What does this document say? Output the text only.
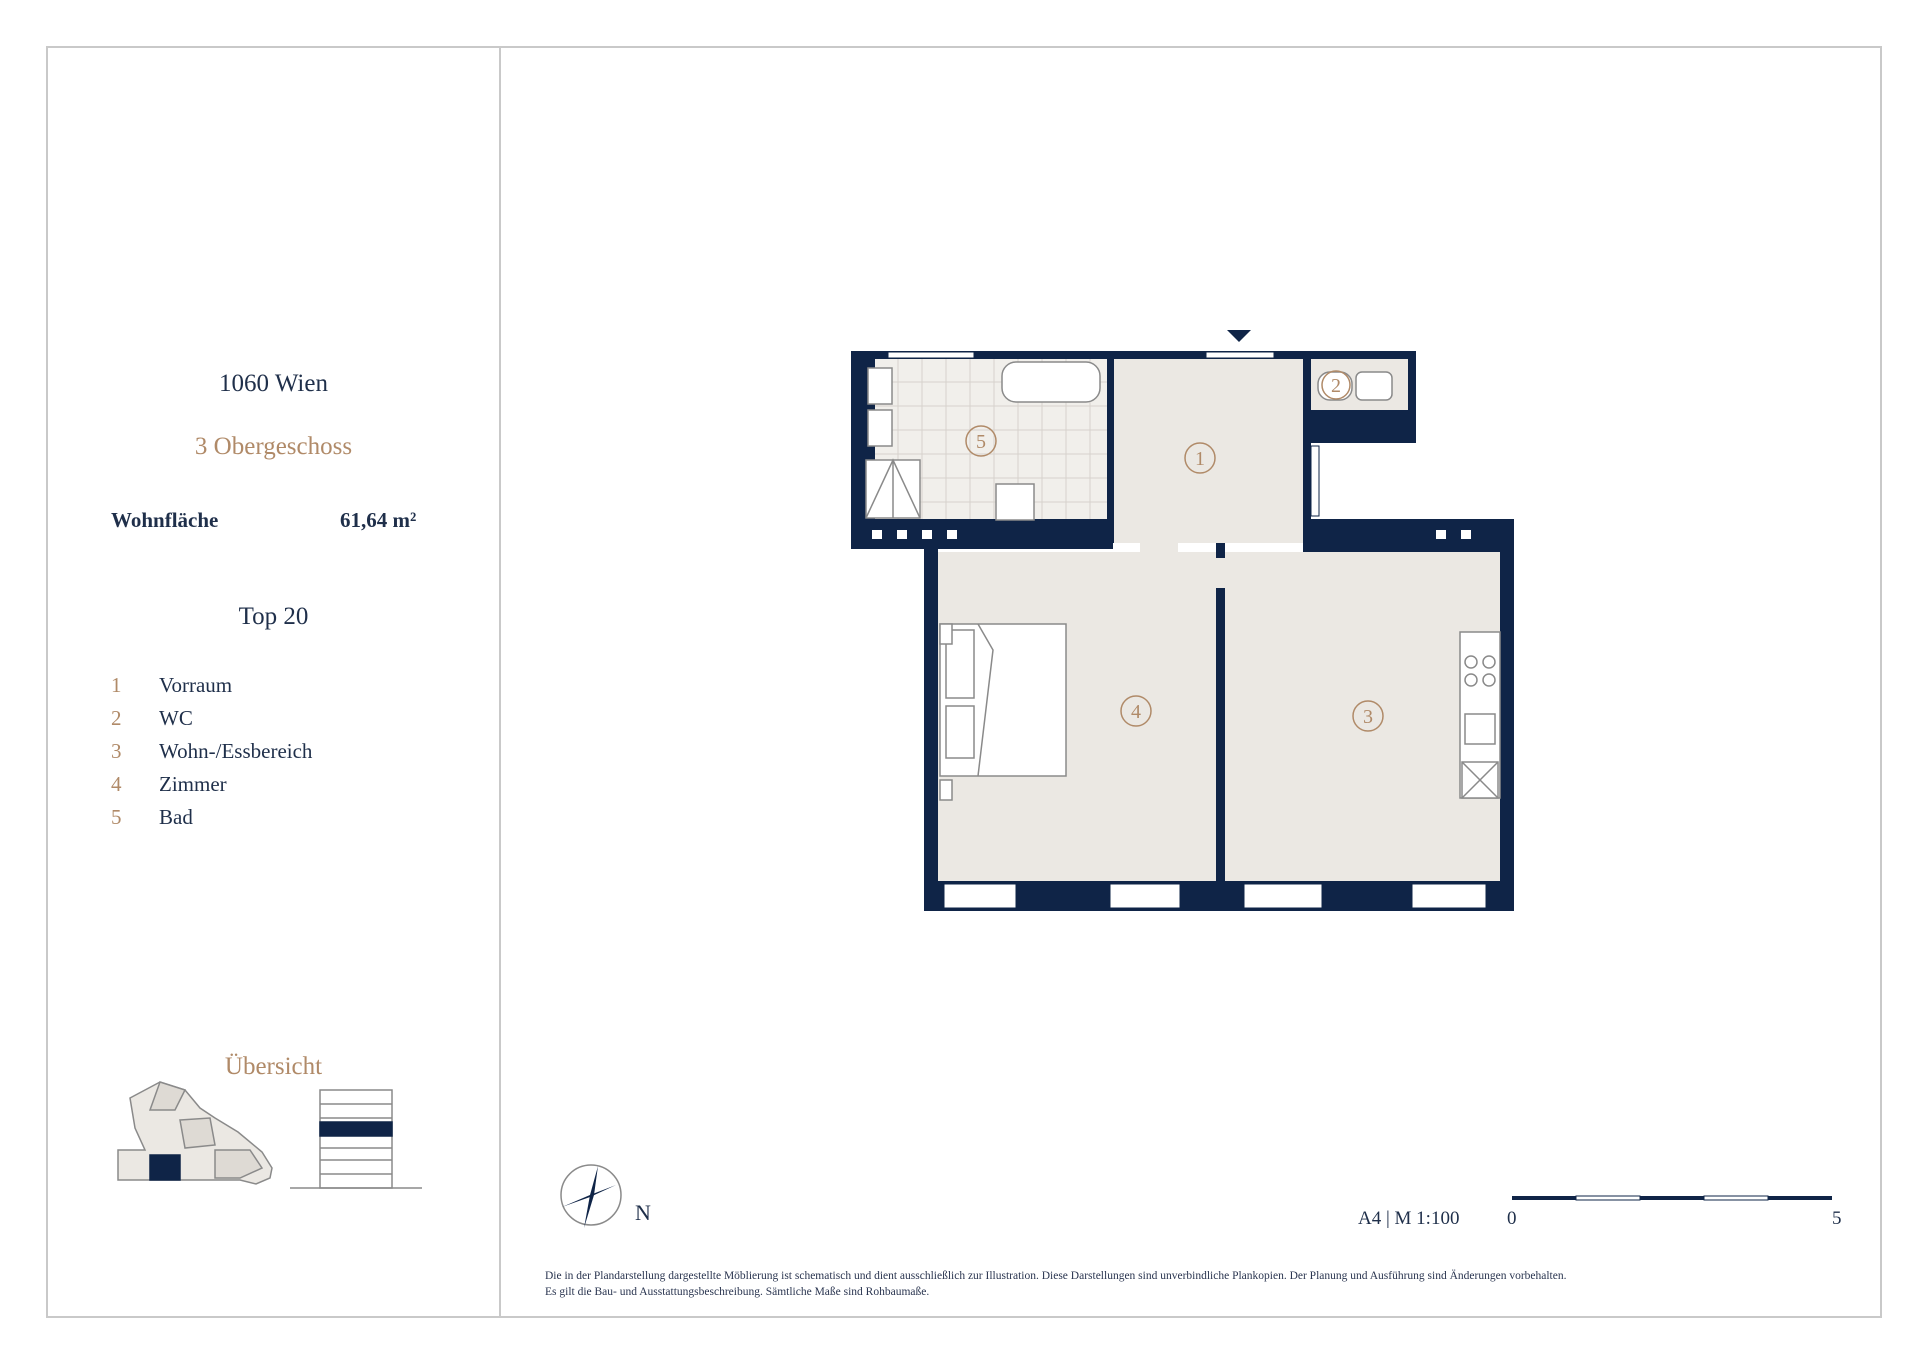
1060 Wien
3 Obergeschoss
Wohnfläche	61,64 m²
Top 20
1 Vorraum
2 WC
3 Wohn-/Essbereich
4 Zimmer
5 Bad
Übersicht
1
2
3
4
5
N	A4 | M 1:100	0	5
Die in der Plandarstellung dargestellte Möblierung ist schematisch und dient ausschließlich zur Illustration. Diese Darstellungen sind unverbindliche Plankopien. Der Planung und Ausführung sind Änderungen vorbehalten.
Es gilt die Bau- und Ausstattungsbeschreibung. Sämtliche Maße sind Rohbaumaße.
